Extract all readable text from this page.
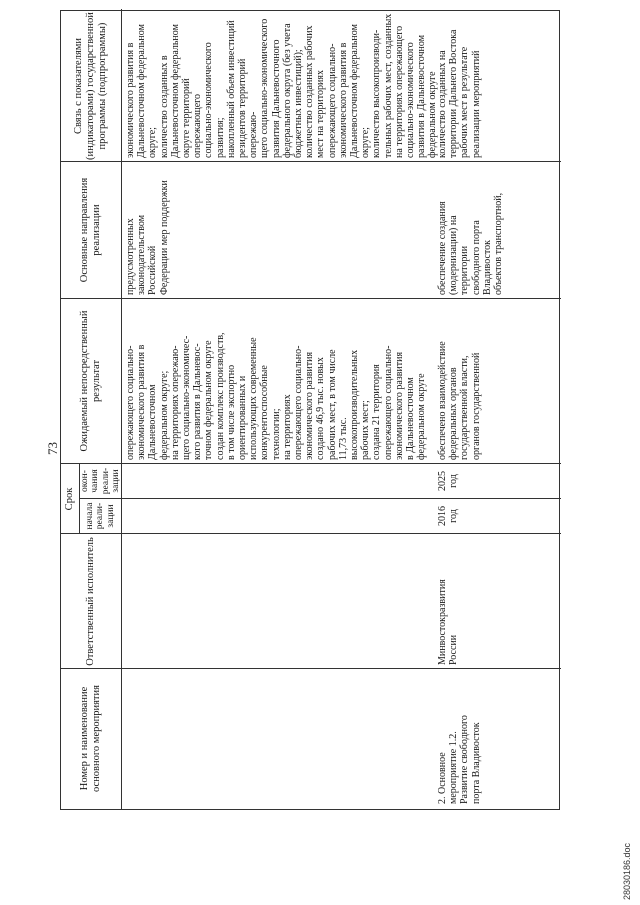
73
Номер и наименование основного мероприятия
Ответственный исполнитель
Срок
начала реали- зации
окон- чания реали- зации
Ожидаемый непосредственный результат
Основные направления реализации
Связь с показателями (индикаторами) государственной программы (подпрограммы)
опережающего социально-
экономического развития в
Дальневосточном
федеральном округе;
на территориях опережаю-
щего социально-экономичес-
кого развития в Дальневос-
точном федеральном округе
создан комплекс производств,
в том числе экспортно
ориентированных и
использующих современные
конкурентоспособные
технологии;
на территориях
опережающего социально-
экономического развития
создано 46,9 тыс. новых
рабочих мест, в том числе
11,73 тыс.
высокопроизводительных
рабочих мест;
создана 21 территория
опережающего социально-
экономического развития
в Дальневосточном
федеральном округе
предусмотренных
законодательством Российской
Федерации мер поддержки
экономического развития в
Дальневосточном федеральном
округе;
количество созданных в
Дальневосточном федеральном
округе территорий опережающего
социально-экономического
развития;
накопленный объем инвестиций
резидентов территорий опережаю-
щего социально-экономического
развития Дальневосточного
федерального округа (без учета
бюджетных инвестиций);
количество созданных рабочих
мест на территориях
опережающего социально-
экономического развития в
Дальневосточном федеральном
округе;
количество высокопроизводи-
тельных рабочих мест, созданных
на территориях опережающего
социально-экономического
развития в Дальневосточном
федеральном округе
2. Основное
мероприятие 1.2.
Развитие свободного
порта Владивосток
Минвостокразвития
России
2016
год
2025
год
обеспечено взаимодействие
федеральных органов
государственной власти,
органов государственной
обеспечение создания
(модернизации) на территории
свободного порта Владивосток
объектов транспортной,
количество созданных на
территории Дальнего Востока
рабочих мест в результате
реализации мероприятий
28030186.doc
